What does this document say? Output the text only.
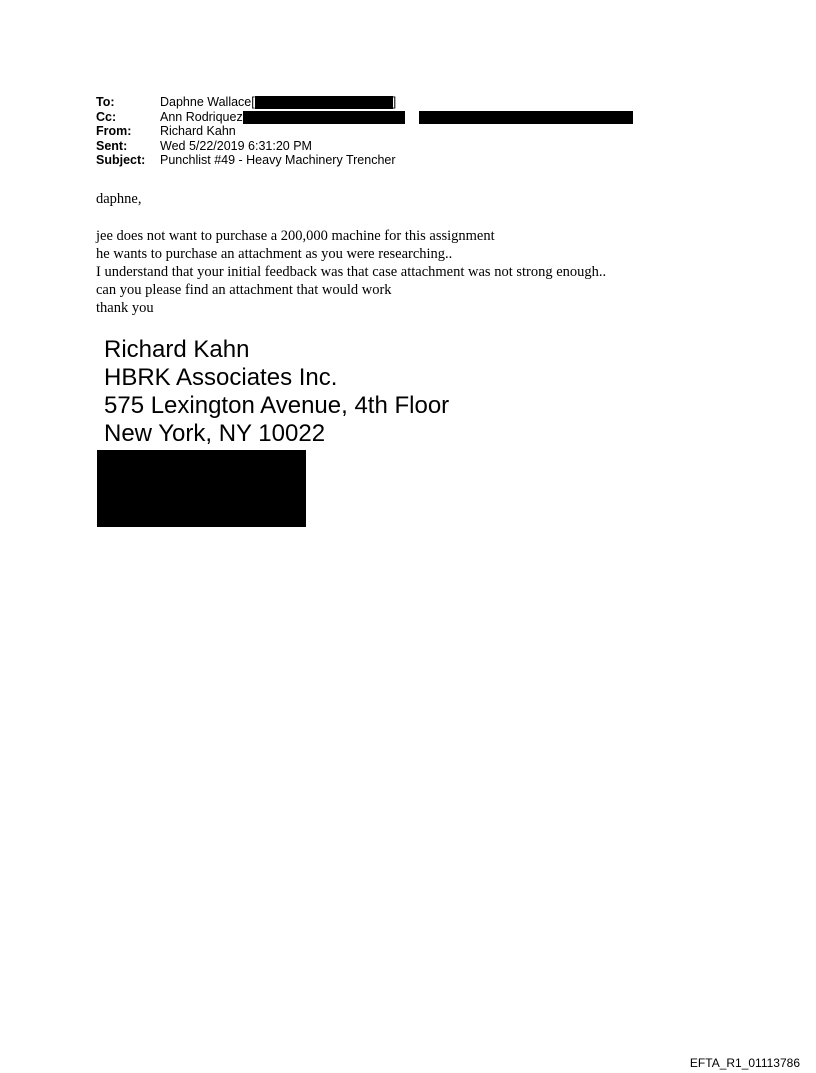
To:	Daphne Wallace[	]
Cc:	Ann Rodriquez
From: Richard Kahn
Sent:	Wed 5/22/2019 6:31:20 PM
Subject: Punchlist #49 - Heavy Machinery Trencher

daphne,

jee does not want to purchase a 200,000 machine for this assignment

he wants to purchase an attachment as you were researching..

I understand that your initial feedback was that case attachment was not strong enough..

can you please find an attachment that would work

thank you

Richard Kahn
HBRK Associates Inc.
575 Lexington Avenue, 4th Floor
New York, NY 10022
EFTA_R1_01113786
